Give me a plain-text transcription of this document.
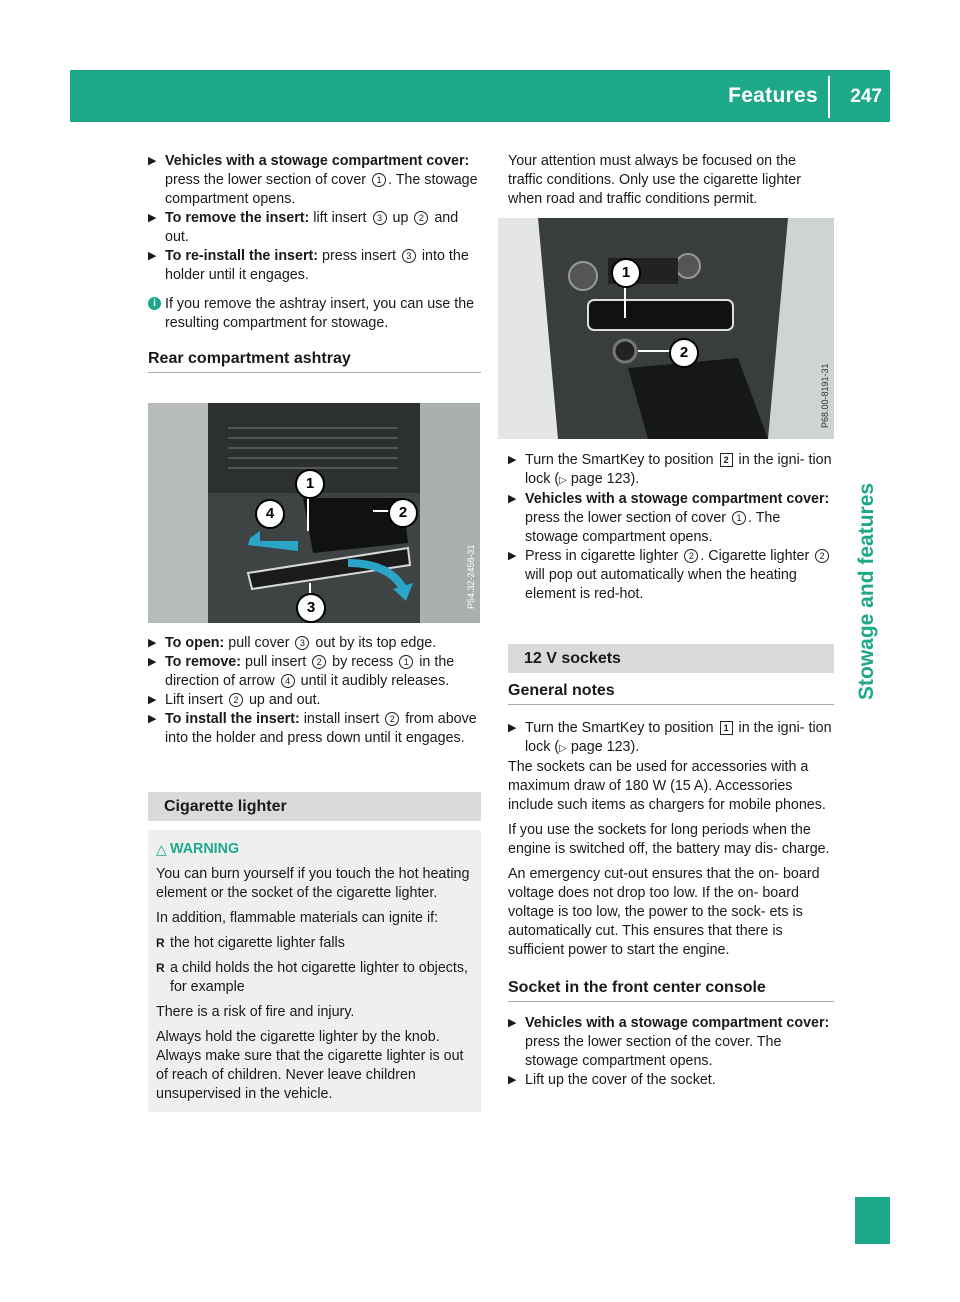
Features 247
Stowage and features

▶ Vehicles with a stowage compartment cover: press the lower section of cover 1 . The stowage compartment opens.

▶ To remove the insert: lift insert 3 up 2 and out.

▶ To re-install the insert: press insert 3 into the holder until it engages.

i If you remove the ashtray insert, you can use the resulting compartment for stowage.

Rear compartment ashtray
1
2
3
4
P54.32-2458-31

▶ To open: pull cover 3 out by its top edge.

▶ To remove: pull insert 2 by recess 1 in the direction of arrow 4 until it audibly releases.

▶ Lift insert 2 up and out.

▶ To install the insert: install insert 2 from above into the holder and press down until it engages.

Cigarette lighter

△ WARNING

You can burn yourself if you touch the hot heating element or the socket of the cigarette lighter.

In addition, flammable materials can ignite if:

R the hot cigarette lighter falls

R a child holds the hot cigarette lighter to objects, for example

There is a risk of fire and injury.

Always hold the cigarette lighter by the knob. Always make sure that the cigarette lighter is out of reach of children. Never leave children unsupervised in the vehicle.

Your attention must always be focused on the traffic conditions. Only use the cigarette lighter when road and traffic conditions permit.

1
2
P68.00-8191-31

▶ Turn the SmartKey to position 2 in the igni- tion lock (▷ page 123).

▶ Vehicles with a stowage compartment cover: press the lower section of cover 1 . The stowage compartment opens.

▶ Press in cigarette lighter 2 . Cigarette lighter 2 will pop out automatically when the heating element is red-hot.

12 V sockets
General notes

▶ Turn the SmartKey to position 1 in the igni- tion lock (▷ page 123).

The sockets can be used for accessories with a maximum draw of 180 W (15 A). Accessories include such items as chargers for mobile phones.

If you use the sockets for long periods when the engine is switched off, the battery may dis- charge.

An emergency cut-out ensures that the on- board voltage does not drop too low. If the on- board voltage is too low, the power to the sock- ets is automatically cut. This ensures that there is sufficient power to start the engine.

Socket in the front center console

▶ Vehicles with a stowage compartment cover: press the lower section of the cover. The stowage compartment opens.

▶ Lift up the cover of the socket.
